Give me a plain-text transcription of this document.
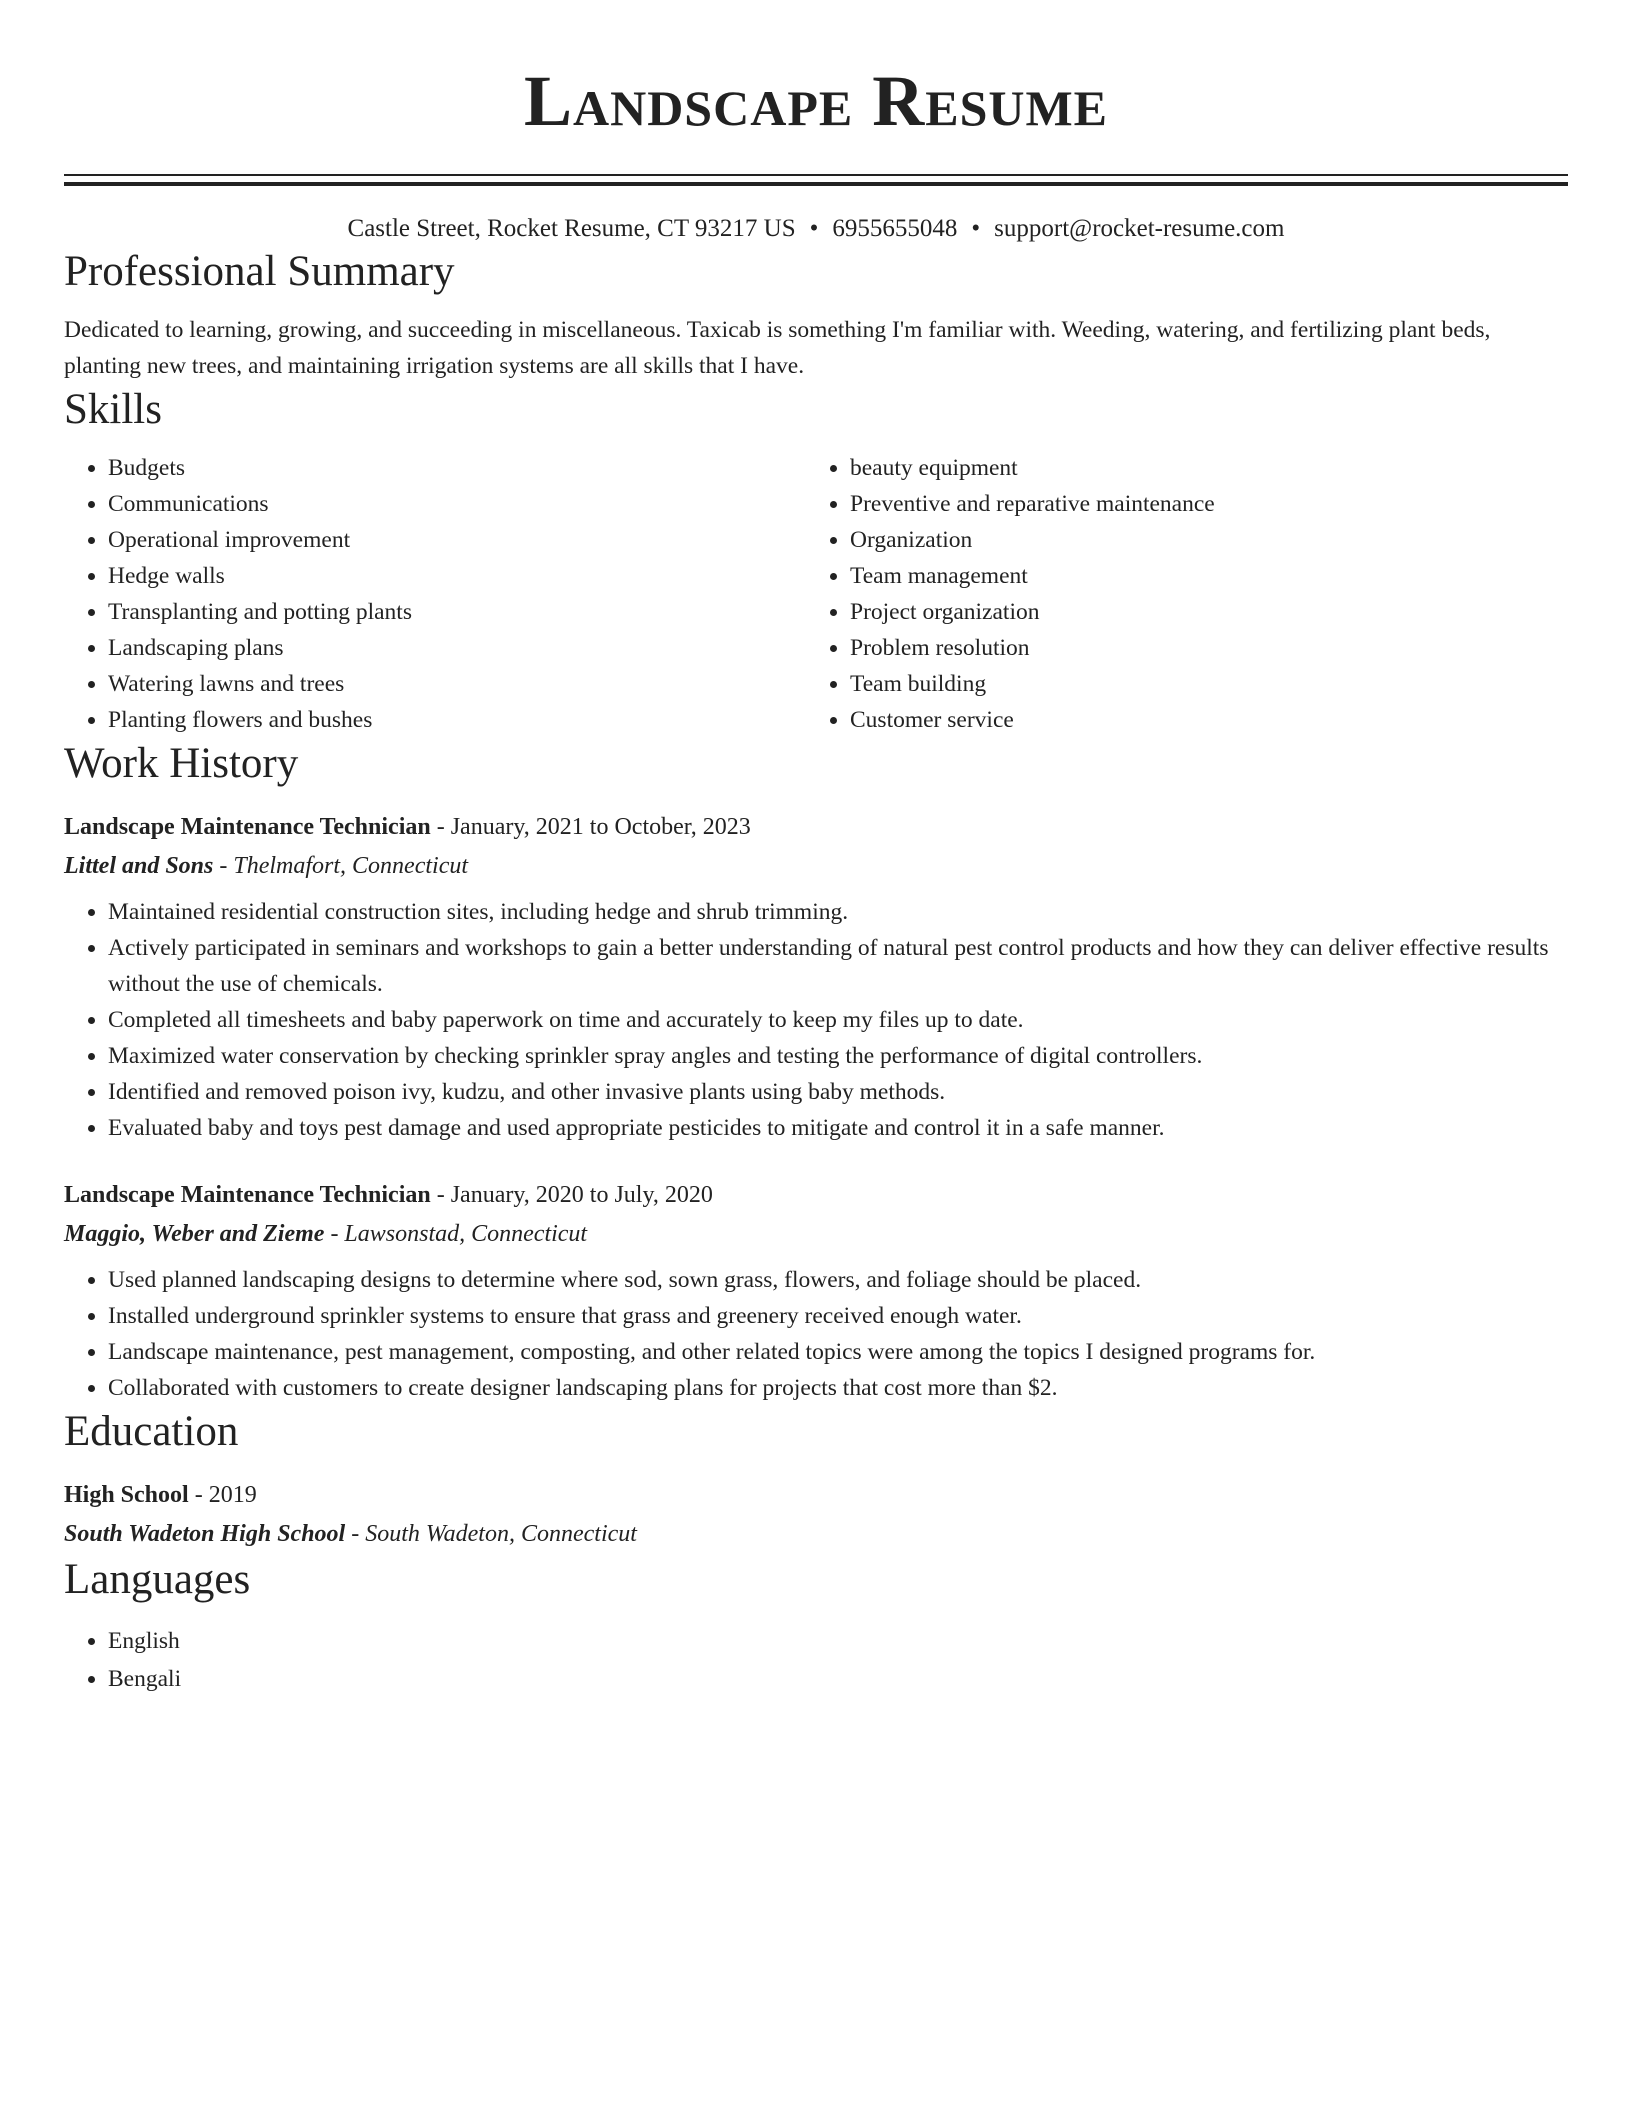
Landscape Resume
Castle Street, Rocket Resume, CT 93217 US • 6955655048 • support@rocket-resume.com
Professional Summary
Dedicated to learning, growing, and succeeding in miscellaneous. Taxicab is something I'm familiar with. Weeding, watering, and fertilizing plant beds, planting new trees, and maintaining irrigation systems are all skills that I have.
Skills
• Budgets
• Communications
• Operational improvement
• Hedge walls
• Transplanting and potting plants
• Landscaping plans
• Watering lawns and trees
• Planting flowers and bushes
• beauty equipment
• Preventive and reparative maintenance
• Organization
• Team management
• Project organization
• Problem resolution
• Team building
• Customer service
Work History
Landscape Maintenance Technician - January, 2021 to October, 2023
Littel and Sons - Thelmafort, Connecticut
• Maintained residential construction sites, including hedge and shrub trimming.
• Actively participated in seminars and workshops to gain a better understanding of natural pest control products and how they can deliver effective results without the use of chemicals.
• Completed all timesheets and baby paperwork on time and accurately to keep my files up to date.
• Maximized water conservation by checking sprinkler spray angles and testing the performance of digital controllers.
• Identified and removed poison ivy, kudzu, and other invasive plants using baby methods.
• Evaluated baby and toys pest damage and used appropriate pesticides to mitigate and control it in a safe manner.
Landscape Maintenance Technician - January, 2020 to July, 2020
Maggio, Weber and Zieme - Lawsonstad, Connecticut
• Used planned landscaping designs to determine where sod, sown grass, flowers, and foliage should be placed.
• Installed underground sprinkler systems to ensure that grass and greenery received enough water.
• Landscape maintenance, pest management, composting, and other related topics were among the topics I designed programs for.
• Collaborated with customers to create designer landscaping plans for projects that cost more than $2.
Education
High School - 2019
South Wadeton High School - South Wadeton, Connecticut
Languages
• English
• Bengali
